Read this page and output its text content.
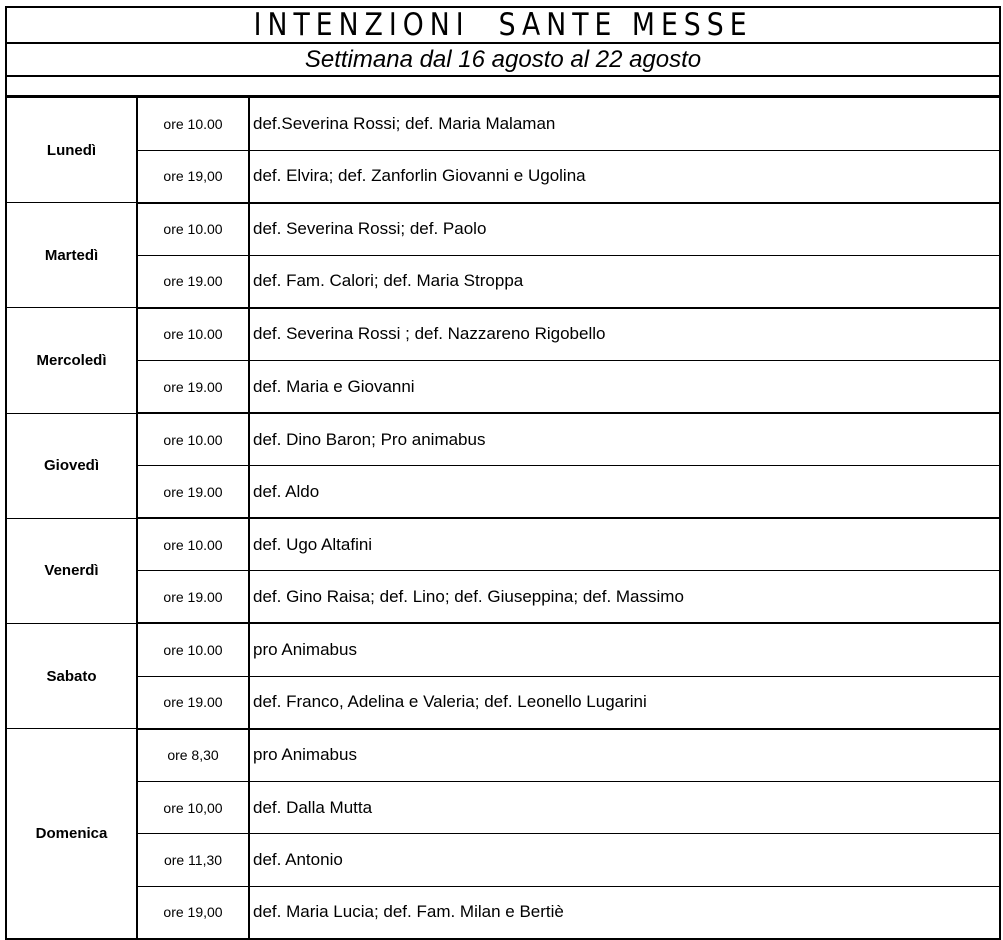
INTENZIONI  SANTE MESSE
Settimana dal 16 agosto al 22 agosto
Lunedì	ore 10.00	def.Severina Rossi; def. Maria Malaman
	ore 19,00	def. Elvira; def. Zanforlin Giovanni e Ugolina
Martedì	ore 10.00	def. Severina Rossi; def. Paolo
	ore 19.00	def. Fam. Calori; def. Maria Stroppa
Mercoledì	ore 10.00	def. Severina Rossi ; def. Nazzareno Rigobello
	ore 19.00	def. Maria e Giovanni
Giovedì	ore 10.00	def. Dino Baron; Pro animabus
	ore 19.00	def. Aldo
Venerdì	ore 10.00	def. Ugo Altafini
	ore 19.00	def. Gino Raisa; def. Lino; def. Giuseppina; def. Massimo
Sabato	ore 10.00	pro Animabus
	ore 19.00	def. Franco, Adelina e Valeria; def. Leonello Lugarini
Domenica	ore 8,30	pro Animabus
	ore 10,00	def. Dalla Mutta
	ore 11,30	def. Antonio
	ore 19,00	def. Maria Lucia; def. Fam. Milan e Bertiè
